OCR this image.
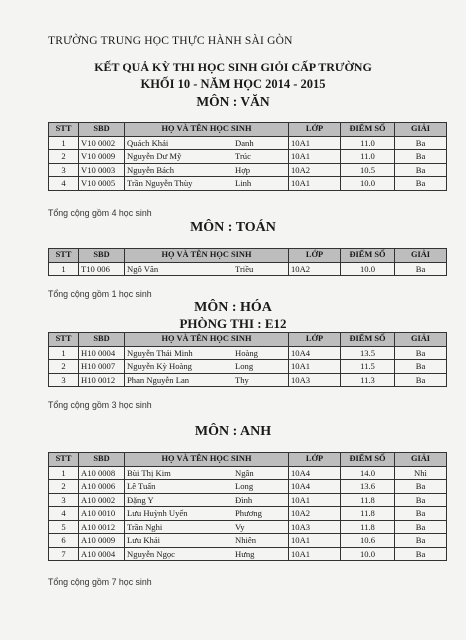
TRƯỜNG TRUNG HỌC THỰC HÀNH SÀI GÒN
KẾT QUẢ KỲ THI HỌC SINH GIỎI CẤP TRƯỜNG
KHỐI 10 - NĂM HỌC 2014 - 2015
MÔN : VĂN
STT	SBD	HỌ VÀ TÊN HỌC SINH	LỚP	ĐIỂM SỐ	GIẢI
1	V10 0002	Quách Khải Danh	10A1	11.0	Ba
2	V10 0009	Nguyễn Dư Mỹ Trúc	10A1	11.0	Ba
3	V10 0003	Nguyễn Bách Hợp	10A2	10.5	Ba
4	V10 0005	Trần Nguyễn Thùy Linh	10A1	10.0	Ba
Tổng cộng gồm 4 học sinh
MÔN : TOÁN
STT	SBD	HỌ VÀ TÊN HỌC SINH	LỚP	ĐIỂM SỐ	GIẢI
1	T10 006	Ngô Văn Triều	10A2	10.0	Ba
Tổng cộng gồm 1 học sinh
MÔN : HÓA
PHÒNG THI : E12
STT	SBD	HỌ VÀ TÊN HỌC SINH	LỚP	ĐIỂM SỐ	GIẢI
1	H10 0004	Nguyễn Thái Minh Hoàng	10A4	13.5	Ba
2	H10 0007	Nguyễn Kỳ Hoàng Long	10A1	11.5	Ba
3	H10 0012	Phan Nguyễn Lan Thy	10A3	11.3	Ba
Tổng cộng gồm 3 học sinh
MÔN : ANH
STT	SBD	HỌ VÀ TÊN HỌC SINH	LỚP	ĐIỂM SỐ	GIẢI
1	A10 0008	Bùi Thị Kim Ngân	10A4	14.0	Nhì
2	A10 0006	Lê Tuấn Long	10A4	13.6	Ba
3	A10 0002	Đặng Y Đình	10A1	11.8	Ba
4	A10 0010	Lưu Huỳnh Uyển Phương	10A2	11.8	Ba
5	A10 0012	Trần Nghi Vy	10A3	11.8	Ba
6	A10 0009	Lưu Khải Nhiên	10A1	10.6	Ba
7	A10 0004	Nguyễn Ngọc Hưng	10A1	10.0	Ba
Tổng cộng gồm 7 học sinh
